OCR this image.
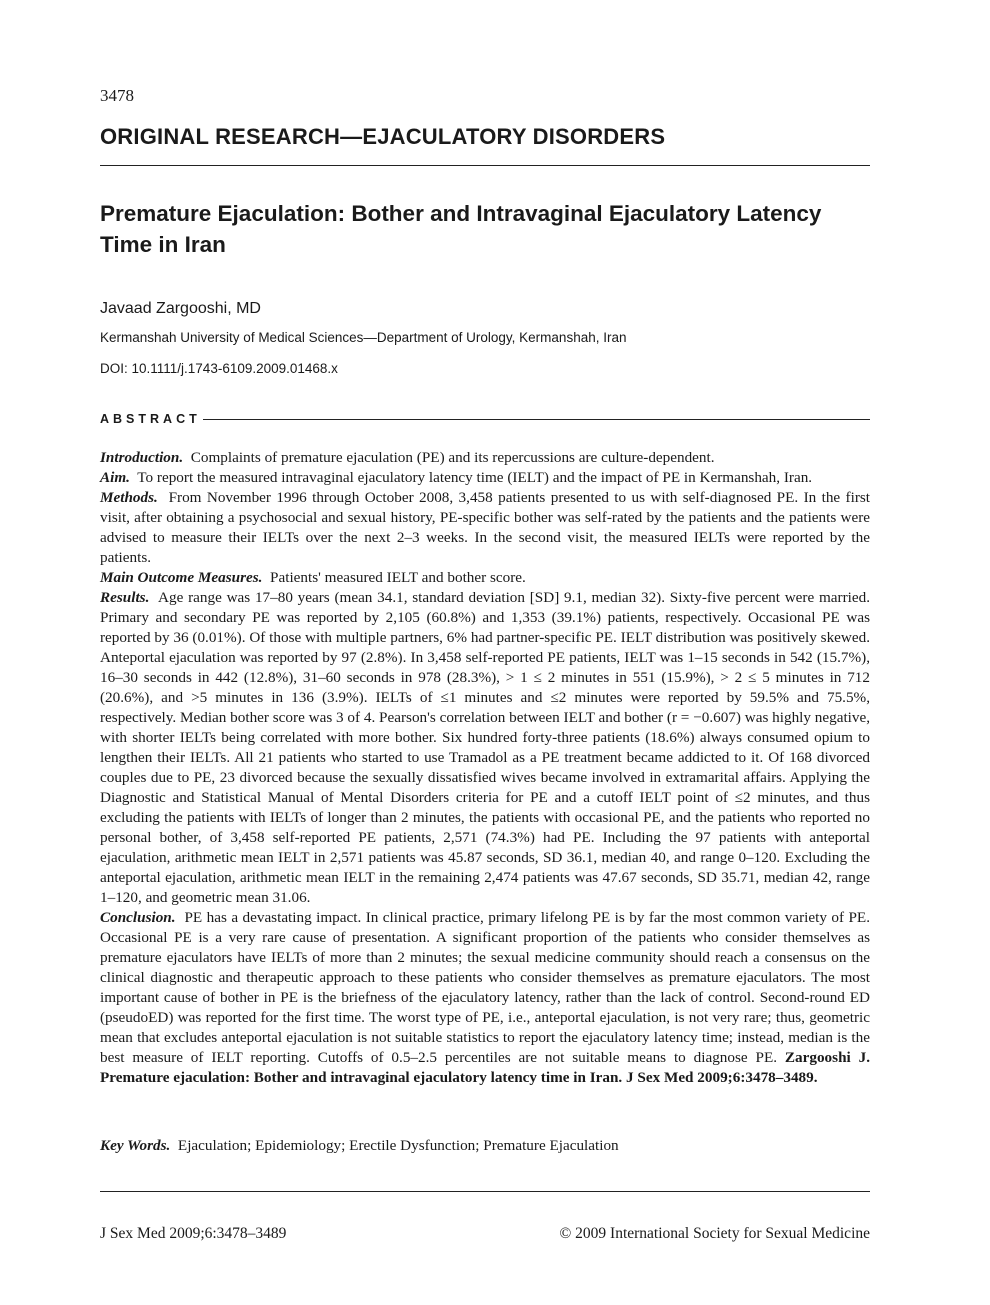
3478
ORIGINAL RESEARCH—EJACULATORY DISORDERS
Premature Ejaculation: Bother and Intravaginal Ejaculatory Latency Time in Iran
Javaad Zargooshi, MD
Kermanshah University of Medical Sciences—Department of Urology, Kermanshah, Iran
DOI: 10.1111/j.1743-6109.2009.01468.x
ABSTRACT

Introduction. Complaints of premature ejaculation (PE) and its repercussions are culture-dependent.

Aim. To report the measured intravaginal ejaculatory latency time (IELT) and the impact of PE in Kermanshah, Iran.

Methods. From November 1996 through October 2008, 3,458 patients presented to us with self-diagnosed PE. In the first visit, after obtaining a psychosocial and sexual history, PE-specific bother was self-rated by the patients and the patients were advised to measure their IELTs over the next 2–3 weeks. In the second visit, the measured IELTs were reported by the patients.

Main Outcome Measures. Patients' measured IELT and bother score.

Results. Age range was 17–80 years (mean 34.1, standard deviation [SD] 9.1, median 32). Sixty-five percent were married. Primary and secondary PE was reported by 2,105 (60.8%) and 1,353 (39.1%) patients, respectively. Occasional PE was reported by 36 (0.01%). Of those with multiple partners, 6% had partner-specific PE. IELT distribution was positively skewed. Anteportal ejaculation was reported by 97 (2.8%). In 3,458 self-reported PE patients, IELT was 1–15 seconds in 542 (15.7%), 16–30 seconds in 442 (12.8%), 31–60 seconds in 978 (28.3%), > 1 ≤ 2 minutes in 551 (15.9%), > 2 ≤ 5 minutes in 712 (20.6%), and >5 minutes in 136 (3.9%). IELTs of ≤1 minutes and ≤2 minutes were reported by 59.5% and 75.5%, respectively. Median bother score was 3 of 4. Pearson's correlation between IELT and bother (r = −0.607) was highly negative, with shorter IELTs being correlated with more bother. Six hundred forty-three patients (18.6%) always consumed opium to lengthen their IELTs. All 21 patients who started to use Tramadol as a PE treatment became addicted to it. Of 168 divorced couples due to PE, 23 divorced because the sexually dissatisfied wives became involved in extramarital affairs. Applying the Diagnostic and Statistical Manual of Mental Disorders criteria for PE and a cutoff IELT point of ≤2 minutes, and thus excluding the patients with IELTs of longer than 2 minutes, the patients with occasional PE, and the patients who reported no personal bother, of 3,458 self-reported PE patients, 2,571 (74.3%) had PE. Including the 97 patients with anteportal ejaculation, arithmetic mean IELT in 2,571 patients was 45.87 seconds, SD 36.1, median 40, and range 0–120. Excluding the anteportal ejaculation, arithmetic mean IELT in the remaining 2,474 patients was 47.67 seconds, SD 35.71, median 42, range 1–120, and geometric mean 31.06.

Conclusion. PE has a devastating impact. In clinical practice, primary lifelong PE is by far the most common variety of PE. Occasional PE is a very rare cause of presentation. A significant proportion of the patients who consider themselves as premature ejaculators have IELTs of more than 2 minutes; the sexual medicine community should reach a consensus on the clinical diagnostic and therapeutic approach to these patients who consider themselves as premature ejaculators. The most important cause of bother in PE is the briefness of the ejaculatory latency, rather than the lack of control. Second-round ED (pseudoED) was reported for the first time. The worst type of PE, i.e., anteportal ejaculation, is not very rare; thus, geometric mean that excludes anteportal ejaculation is not suitable statistics to report the ejaculatory latency time; instead, median is the best measure of IELT reporting. Cutoffs of 0.5–2.5 percentiles are not suitable means to diagnose PE. Zargooshi J. Premature ejaculation: Bother and intravaginal ejaculatory latency time in Iran. J Sex Med 2009;6:3478–3489.

Key Words. Ejaculation; Epidemiology; Erectile Dysfunction; Premature Ejaculation
J Sex Med 2009;6:3478–3489	© 2009 International Society for Sexual Medicine
